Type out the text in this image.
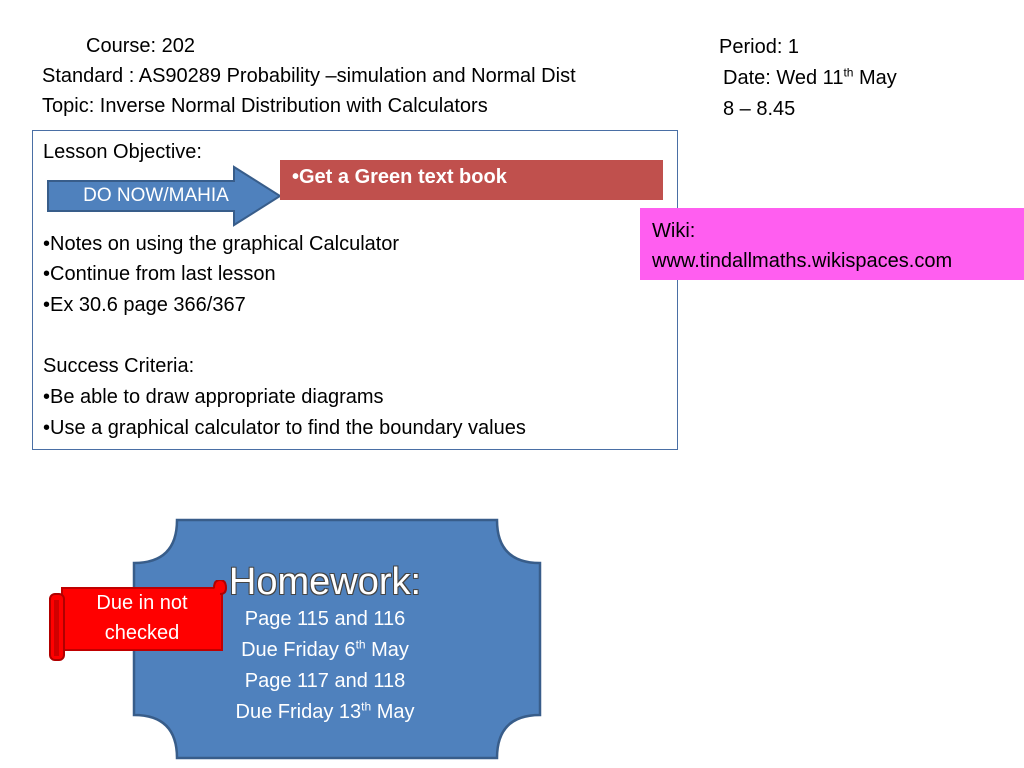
Course: 202
Standard : AS90289 Probability –simulation and Normal Dist
Topic: Inverse Normal Distribution with Calculators
Period: 1
Date: Wed 11th May
8 – 8.45
Lesson Objective:
DO NOW/MAHIA
•Get a Green text book
•Notes on using the graphical Calculator
•Continue from last lesson
•Ex 30.6 page 366/367
Success Criteria:
•Be able to draw appropriate diagrams
•Use a graphical calculator to find the boundary values
Wiki:
www.tindallmaths.wikispaces.com
Homework:
Page 115 and 116
Due Friday 6th May
Page 117 and 118
Due Friday 13th May
Due in not
checked
